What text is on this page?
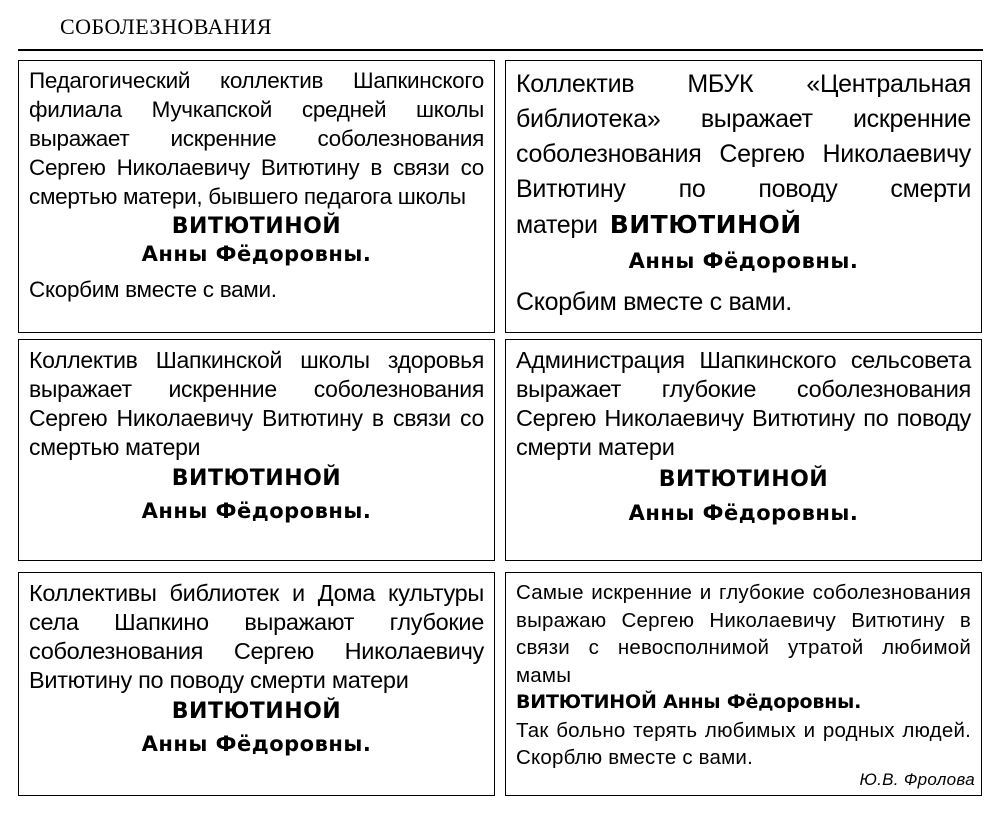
СОБОЛЕЗНОВАНИЯ
Педагогический коллектив Шапкинского филиала Мучкапской средней школы выражает искренние соболезнования Сергею Николаевичу Витютину в связи со смертью матери, бывшего педагога школы
ВИТЮТИНОЙ
Анны Фёдоровны.
Скорбим вместе с вами.
Коллектив МБУК «Центральная библиотека» выражает искренние соболезнования Сергею Николаевичу Витютину по поводу смерти матери ВИТЮТИНОЙ
Анны Фёдоровны.
Скорбим вместе с вами.
Коллектив Шапкинской школы здоровья выражает искренние соболезнования Сергею Николаевичу Витютину в связи со смертью матери
ВИТЮТИНОЙ
Анны Фёдоровны.
Администрация Шапкинского сельсовета выражает глубокие соболезнования Сергею Николаевичу Витютину по поводу смерти матери
ВИТЮТИНОЙ
Анны Фёдоровны.
Коллективы библиотек и Дома культуры села Шапкино выражают глубокие соболезнования Сергею Николаевичу Витютину по поводу смерти матери
ВИТЮТИНОЙ
Анны Фёдоровны.
Самые искренние и глубокие соболезнования выражаю Сергею Николаевичу Витютину в связи с невосполнимой утратой любимой мамы
ВИТЮТИНОЙ Анны Фёдоровны.
Так больно терять любимых и родных людей. Скорблю вместе с вами.
Ю.В. Фролова
